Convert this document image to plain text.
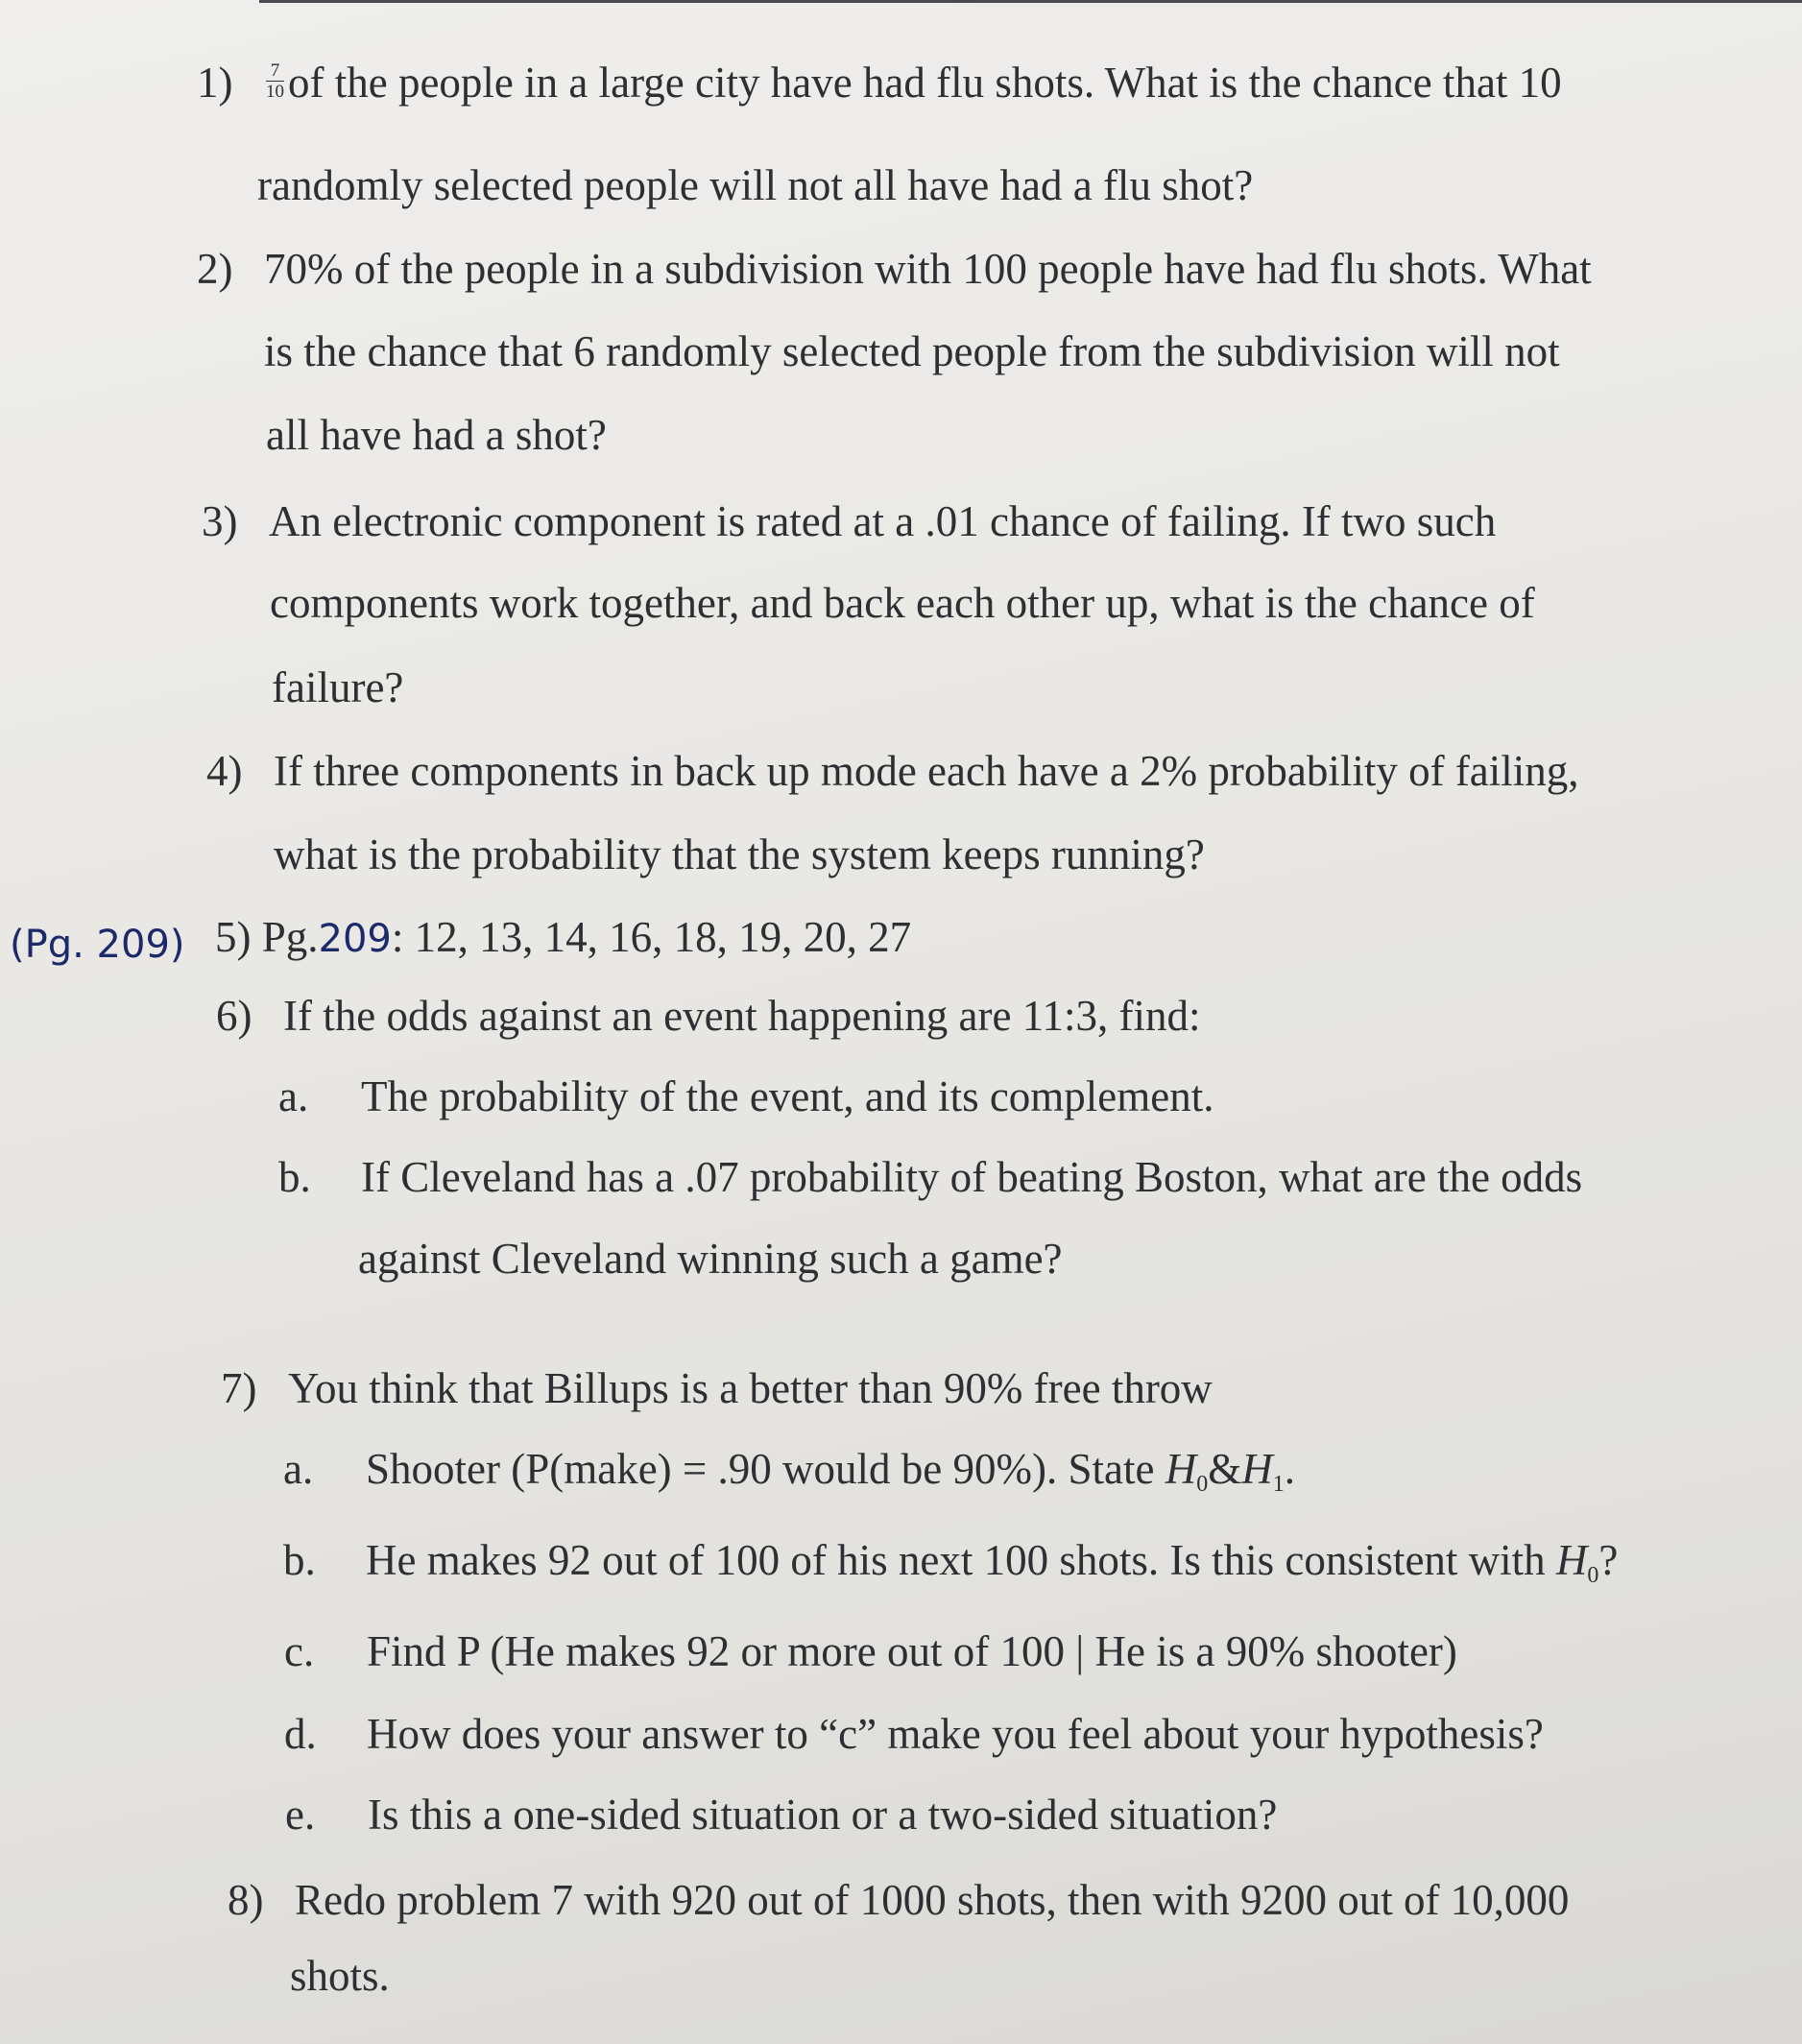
$1) \frac{7}{10}$ of the people in a large city have had flu shots. What is the chance that 10
randomly selected people will not all have had a flu shot?
2) 70% of the people in a subdivision with 100 people have had flu shots. What
is the chance that 6 randomly selected people from the subdivision will not
all have had a shot?
3) An electronic component is rated at a .01 chance of failing. If two such
components work together, and back each other up, what is the chance of
failure?
4) If three components in back up mode each have a 2% probability of failing,
what is the probability that the system keeps running?
(Pg. 209) 5) Pg.209: 12, 13, 14, 16, 18, 19, 20, 27
6) If the odds against an event happening are 11:3, find:
a. The probability of the event, and its complement.
b. If Cleveland has a .07 probability of beating Boston, what are the odds
against Cleveland winning such a game?
7) You think that Billups is a better than 90% free throw
a. Shooter (P(make) = .90 would be 90%). State $H_0\&H_1$.
b. He makes 92 out of 100 of his next 100 shots. Is this consistent with $H_0$?
c. Find P (He makes 92 or more out of 100 | He is a 90% shooter)
d. How does your answer to “c” make you feel about your hypothesis?
e. Is this a one-sided situation or a two-sided situation?
8) Redo problem 7 with 920 out of 1000 shots, then with 9200 out of 10,000
shots.
